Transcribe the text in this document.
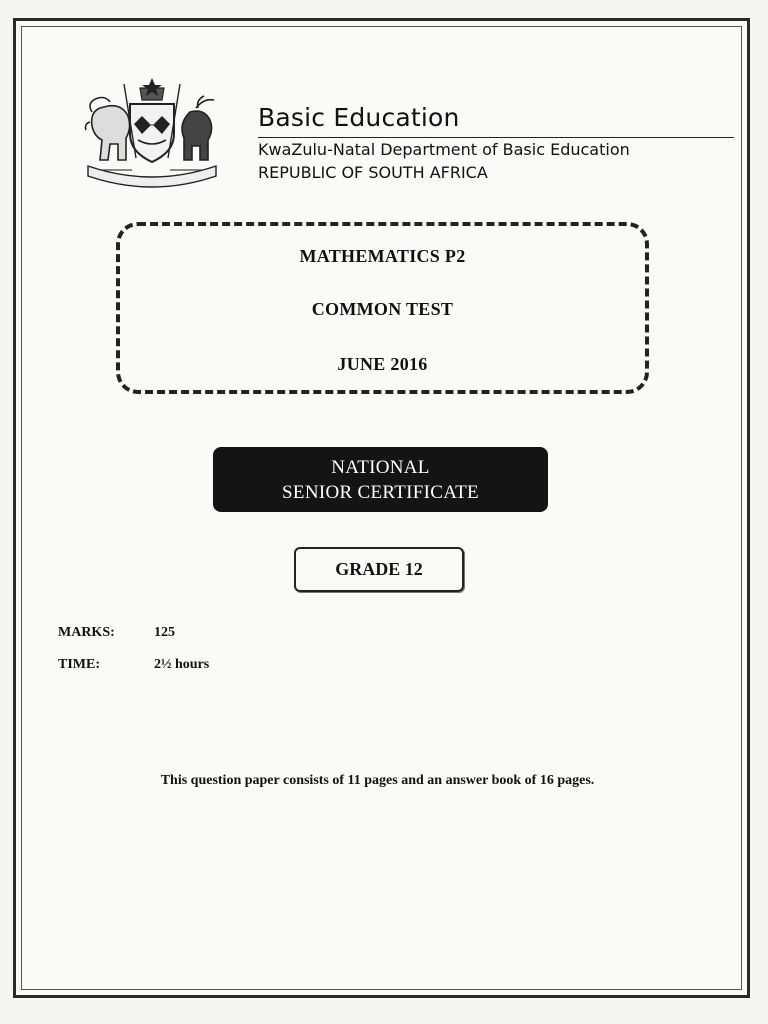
Basic Education
KwaZulu-Natal Department of Basic Education
REPUBLIC OF SOUTH AFRICA
MATHEMATICS P2
COMMON TEST
JUNE 2016
NATIONAL
SENIOR CERTIFICATE
GRADE 12
MARKS:	125
TIME:	2½ hours
This question paper consists of 11 pages and an answer book of 16 pages.
